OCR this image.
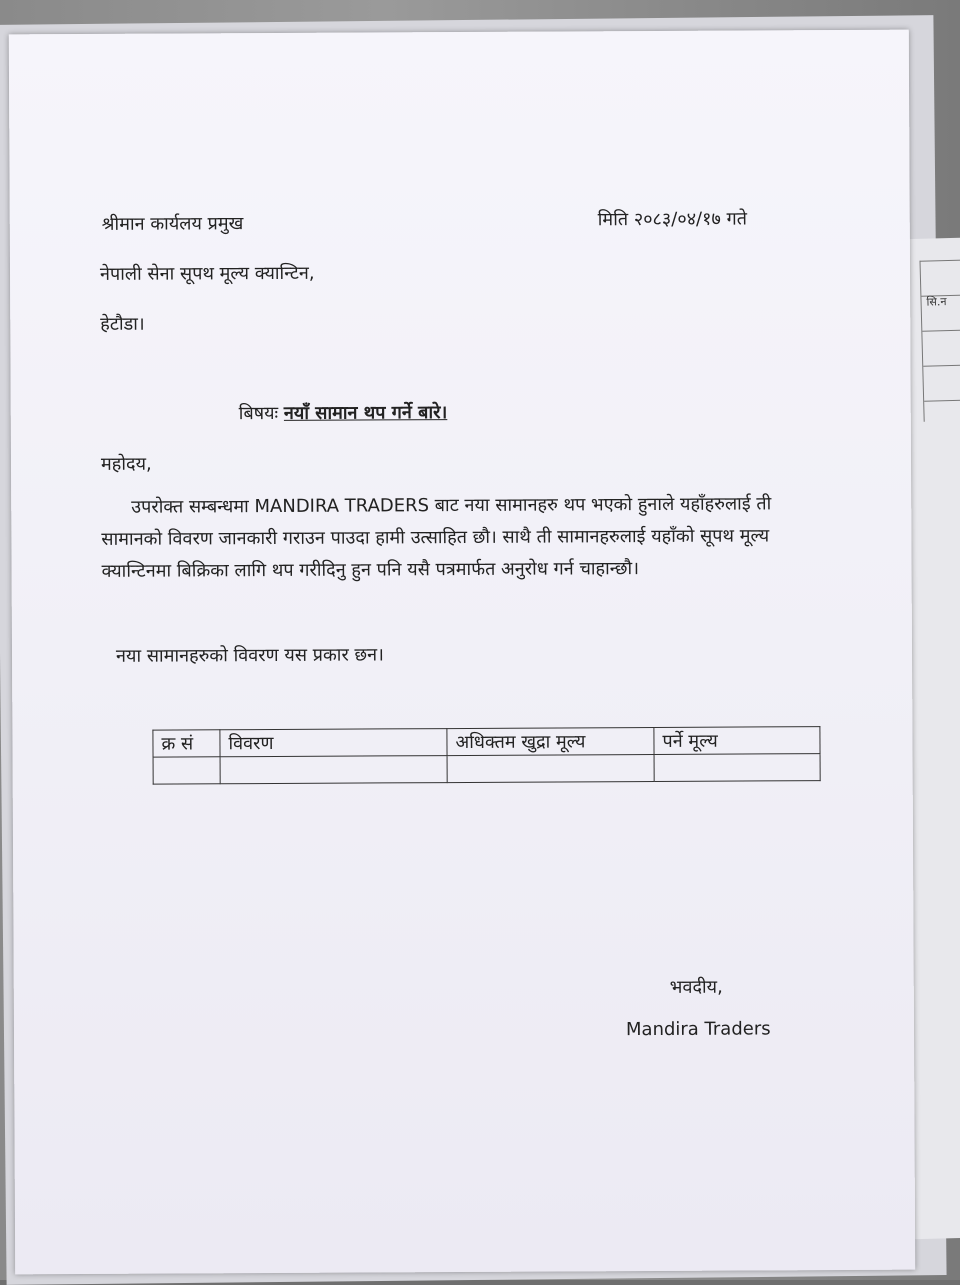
सि.न
श्रीमान कार्यलय प्रमुख	मिति २०८३/०४/१७ गते
नेपाली सेना सूपथ मूल्य क्यान्टिन,
हेटौडा।
बिषयः नयाँ सामान थप गर्ने बारे।
महोदय,
उपरोक्त सम्बन्धमा MANDIRA TRADERS बाट नया सामानहरु थप भएको हुनाले यहाँहरुलाई ती सामानको विवरण जानकारी गराउन पाउदा हामी उत्साहित छौ। साथै ती सामानहरुलाई यहाँको सूपथ मूल्य क्यान्टिनमा बिक्रिका लागि थप गरीदिनु हुन पनि यसै पत्रमार्फत अनुरोध गर्न चाहान्छौ।
नया सामानहरुको विवरण यस प्रकार छन।
क्र सं	विवरण	अधिक्तम खुद्रा मूल्य	पर्ने मूल्य

भवदीय,
Mandira Traders
